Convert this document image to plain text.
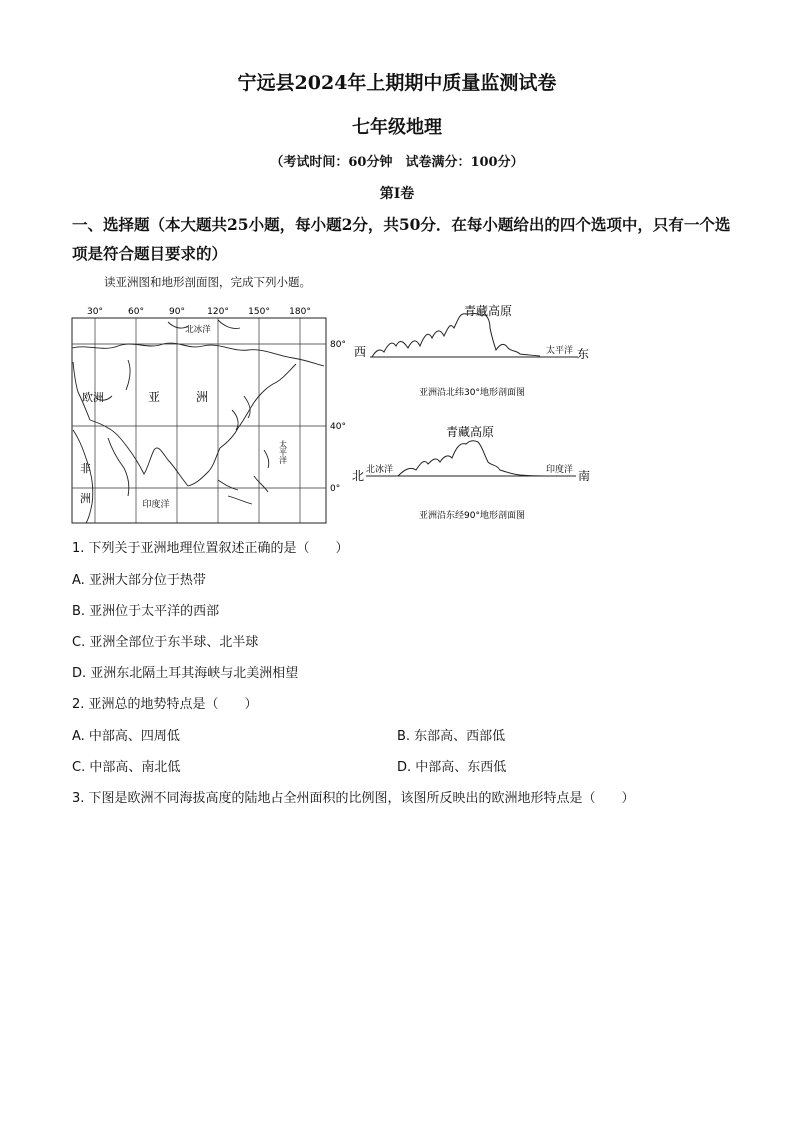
宁远县2024年上期期中质量监测试卷
七年级地理
（考试时间：60分钟　试卷满分：100分）
第Ⅰ卷
一、选择题（本大题共25小题，每小题2分，共50分．在每小题给出的四个选项中，只有一个选项是符合题目要求的）
读亚洲图和地形剖面图，完成下列小题。
30°	60°	90° 120° 150° 180°
80°
40°
0°
北冰洋
欧洲	亚	洲
太平洋
非
洲	印度洋
青藏高原
西	太平洋 东
亚洲沿北纬30°地形剖面图
青藏高原
北 北冰洋	印度洋 南
亚洲沿东经90°地形剖面图
1. 下列关于亚洲地理位置叙述正确的是（　　）
A. 亚洲大部分位于热带
B. 亚洲位于太平洋的西部
C. 亚洲全部位于东半球、北半球
D. 亚洲东北隔土耳其海峡与北美洲相望
2. 亚洲总的地势特点是（　　）
A. 中部高、四周低	B. 东部高、西部低
C. 中部高、南北低	D. 中部高、东西低
3. 下图是欧洲不同海拔高度的陆地占全州面积的比例图，该图所反映出的欧洲地形特点是（　　）
